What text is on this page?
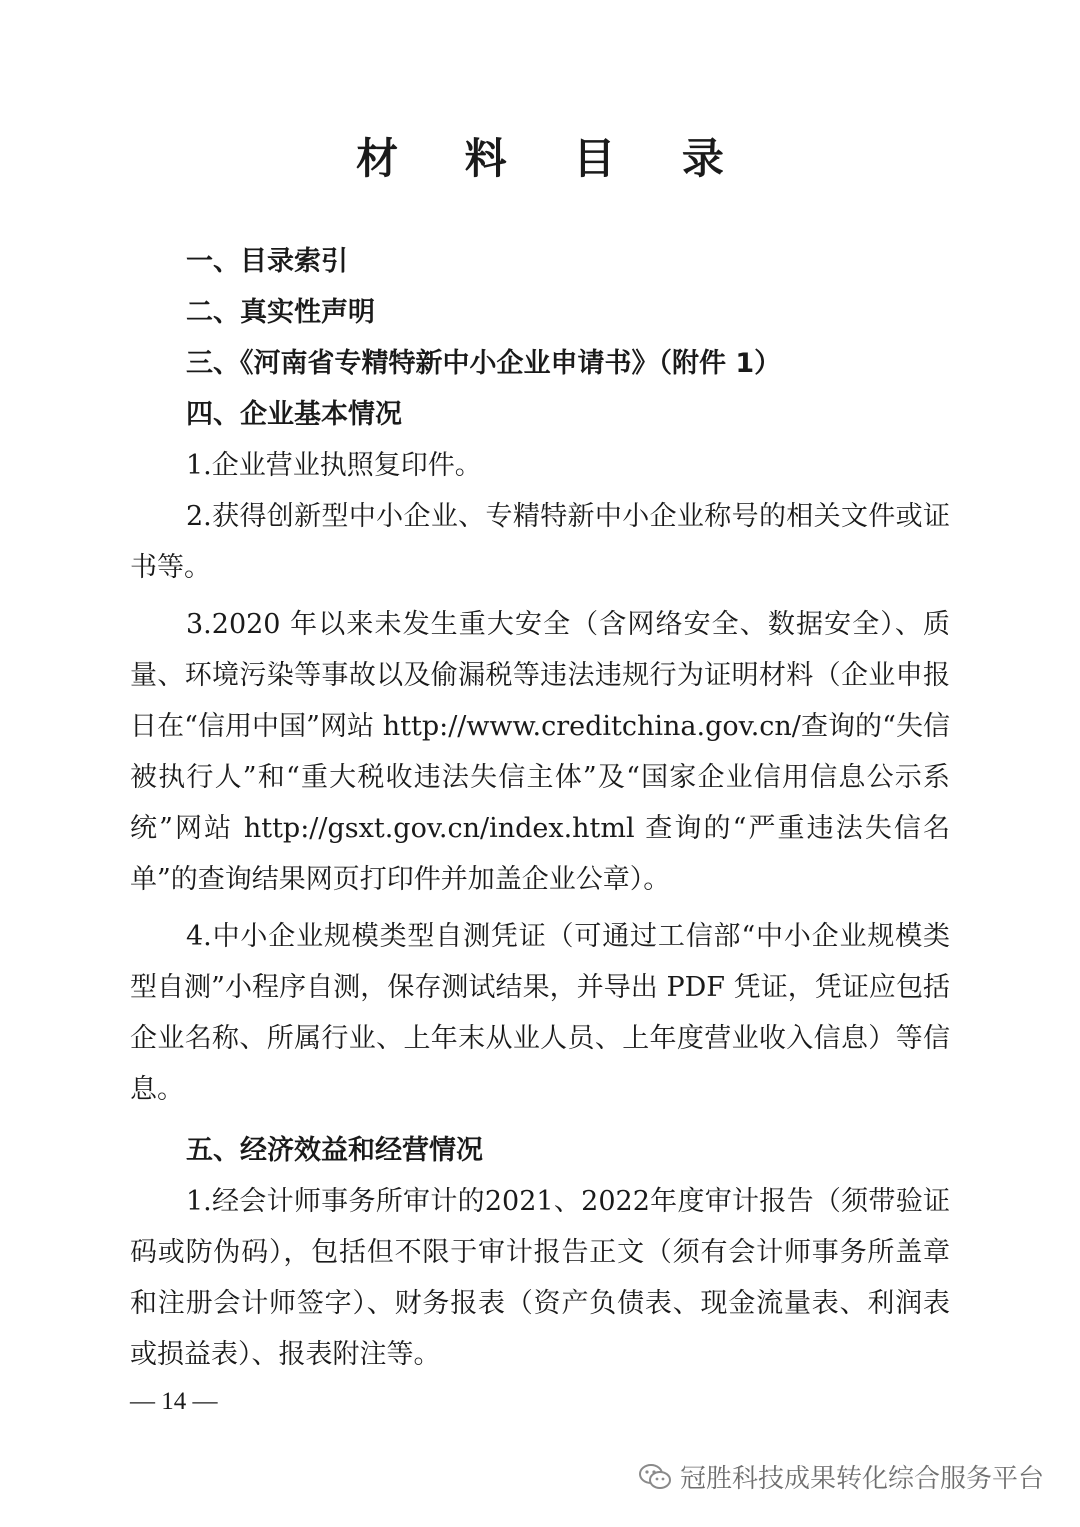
材 料 目 录
一、目录索引
二、真实性声明
三、《河南省专精特新中小企业申请书》（附件 1）
四、企业基本情况

1.企业营业执照复印件。

2.获得创新型中小企业、专精特新中小企业称号的相关文件或证书等。

3.2020 年以来未发生重大安全（含网络安全、数据安全）、质量、环境污染等事故以及偷漏税等违法违规行为证明材料（企业申报日在“信用中国”网站 http://www.creditchina.gov.cn/查询的“失信被执行人”和“重大税收违法失信主体”及“国家企业信用信息公示系统”网站 http://gsxt.gov.cn/index.html 查询的“严重违法失信名单”的查询结果网页打印件并加盖企业公章）。

4.中小企业规模类型自测凭证（可通过工信部“中小企业规模类型自测”小程序自测，保存测试结果，并导出 PDF 凭证，凭证应包括企业名称、所属行业、上年末从业人员、上年度营业收入信息）等信息。

五、经济效益和经营情况

1.经会计师事务所审计的2021、2022年度审计报告（须带验证码或防伪码），包括但不限于审计报告正文（须有会计师事务所盖章和注册会计师签字）、财务报表（资产负债表、现金流量表、利润表或损益表）、报表附注等。

— 14 —
冠胜科技成果转化综合服务平台
